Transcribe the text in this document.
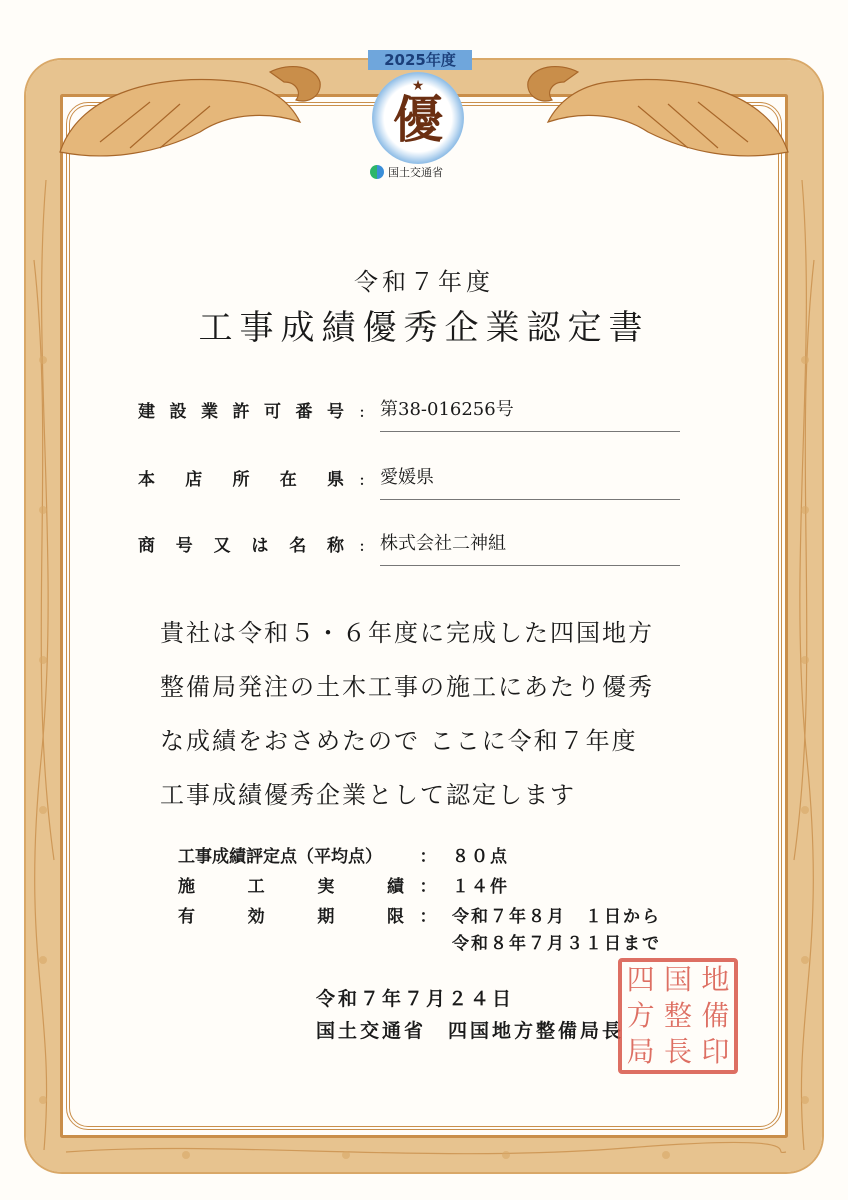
2025年度
★
優
国土交通省
令和７年度
工事成績優秀企業認定書
建 設 業 許 可 番 号 : 第38-016256号
本 店 所 在 県 : 愛媛県
商 号 又 は 名 称 : 株式会社二神組
貴社は令和５・６年度に完成した四国地方
整備局発注の土木工事の施工にあたり優秀
な成績をおさめたので ここに令和７年度
工事成績優秀企業として認定します
工事成績評定点（平均点）	： ８０点
施	工	実	績 ： １４件
有	効	期	限 ： 令和７年８月　１日から
令和８年７月３１日まで
令和７年７月２４日
国土交通省　四国地方整備局長
四 国 地
方 整 備
局 長 印
